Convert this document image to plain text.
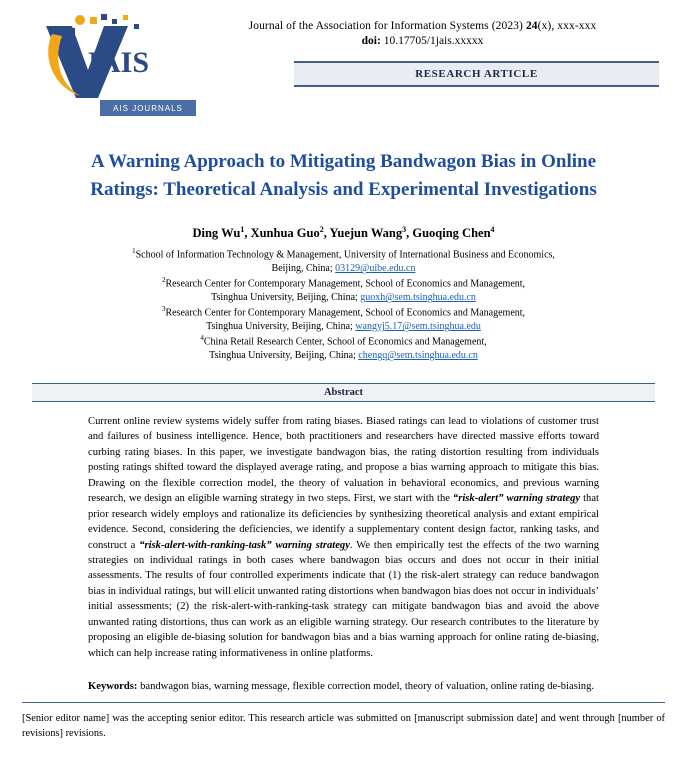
JAIS
Journal of the Association for Information Systems (2023) 24(x), xxx-xxx
doi: 10.17705/1jais.xxxxx
RESEARCH ARTICLE
AIS JOURNALS
A Warning Approach to Mitigating Bandwagon Bias in Online Ratings: Theoretical Analysis and Experimental Investigations
Ding Wu$^1$, Xunhua Guo$^2$, Yuejun Wang$^3$, Guoqing Chen$^4$
$^1$School of Information Technology & Management, University of International Business and Economics,
Beijing, China; 03129@uibe.edu.cn
$^2$Research Center for Contemporary Management, School of Economics and Management,
Tsinghua University, Beijing, China; guoxh@sem.tsinghua.edu.cn
$^3$Research Center for Contemporary Management, School of Economics and Management,
Tsinghua University, Beijing, China; wangyj5.17@sem.tsinghua.edu
$^4$China Retail Research Center, School of Economics and Management,
Tsinghua University, Beijing, China; chengq@sem.tsinghua.edu.cn
Abstract
Current online review systems widely suffer from rating biases. Biased ratings can lead to violations of customer trust and failures of business intelligence. Hence, both practitioners and researchers have directed massive efforts toward curbing rating biases. In this paper, we investigate bandwagon bias, the rating distortion resulting from individuals posting ratings shifted toward the displayed average rating, and propose a bias warning approach to mitigate this bias. Drawing on the flexible correction model, the theory of valuation in behavioral economics, and previous warning research, we design an eligible warning strategy in two steps. First, we start with the “risk-alert” warning strategy that prior research widely employs and rationalize its deficiencies by synthesizing theoretical analysis and extant empirical evidence. Second, considering the deficiencies, we identify a supplementary content design factor, ranking tasks, and construct a “risk-alert-with-ranking-task” warning strategy. We then empirically test the effects of the two warning strategies on individual ratings in both cases where bandwagon bias occurs and does not occur in their initial assessments. The results of four controlled experiments indicate that (1) the risk-alert strategy can reduce bandwagon bias in individual ratings, but will elicit unwanted rating distortions when bandwagon bias does not occur in individuals’ initial assessments; (2) the risk-alert-with-ranking-task strategy can mitigate bandwagon bias and avoid the above unwanted rating distortions, thus can work as an eligible warning strategy. Our research contributes to the literature by proposing an eligible de-biasing solution for bandwagon bias and a bias warning approach for online rating de-biasing, which can help increase rating informativeness in online platforms.
Keywords: bandwagon bias, warning message, flexible correction model, theory of valuation, online rating de-biasing.
[Senior editor name] was the accepting senior editor. This research article was submitted on [manuscript submission date] and went through [number of revisions] revisions.
